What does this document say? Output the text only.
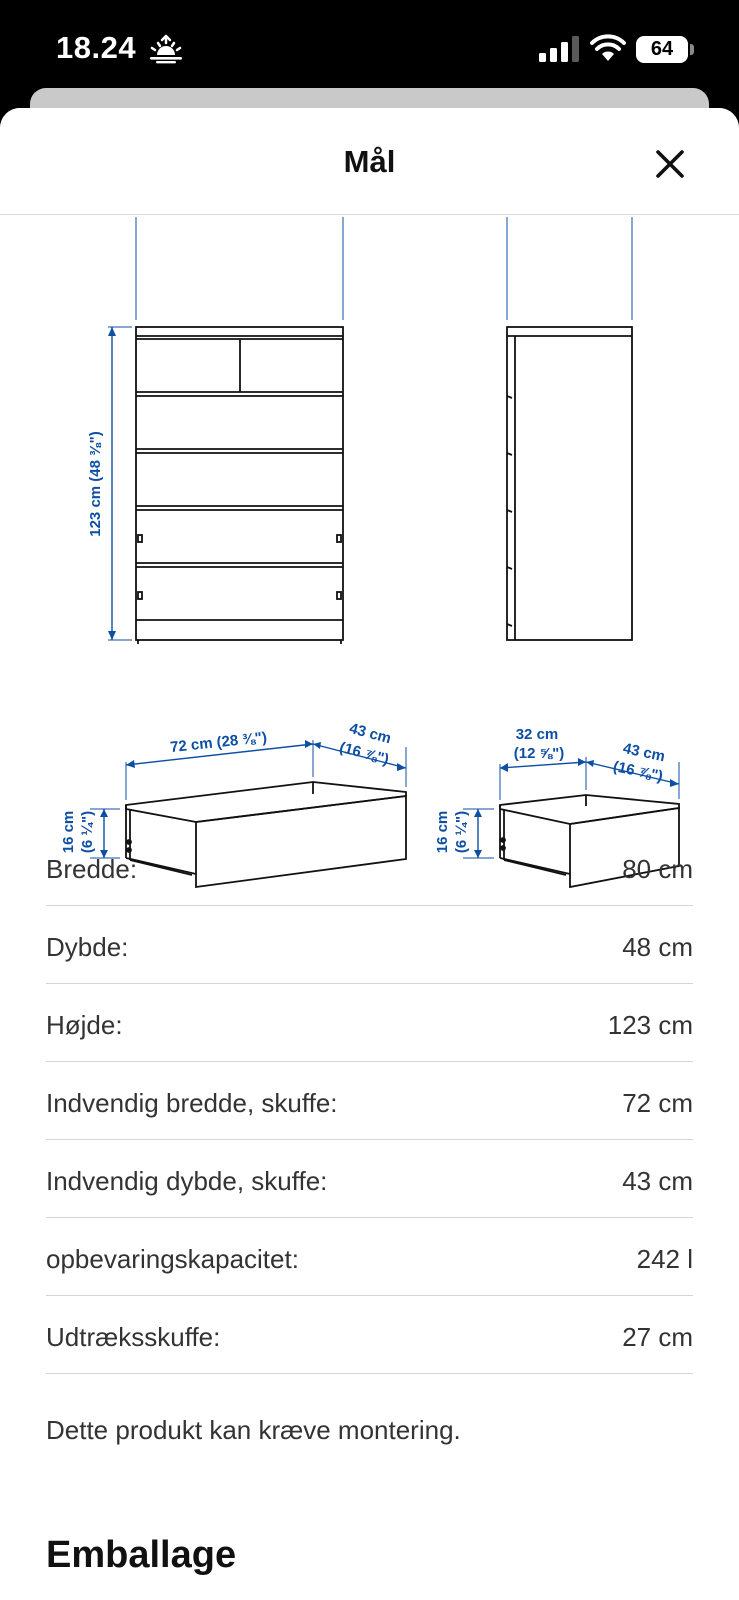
18.24	64
Mål
123 cm (48 ⅜")
72 cm (28 ⅜")	43 cm
(16 ⅞")
16 cm (6 ¼")
32 cm
(12 ⅝")	43 cm
(16 ⅞")
16 cm (6 ¼")
Bredde:	80 cm
Dybde:	48 cm
Højde:	123 cm
Indvendig bredde, skuffe:	72 cm
Indvendig dybde, skuffe:	43 cm
opbevaringskapacitet:	242 l
Udtræksskuffe:	27 cm
Dette produkt kan kræve montering.
Emballage
